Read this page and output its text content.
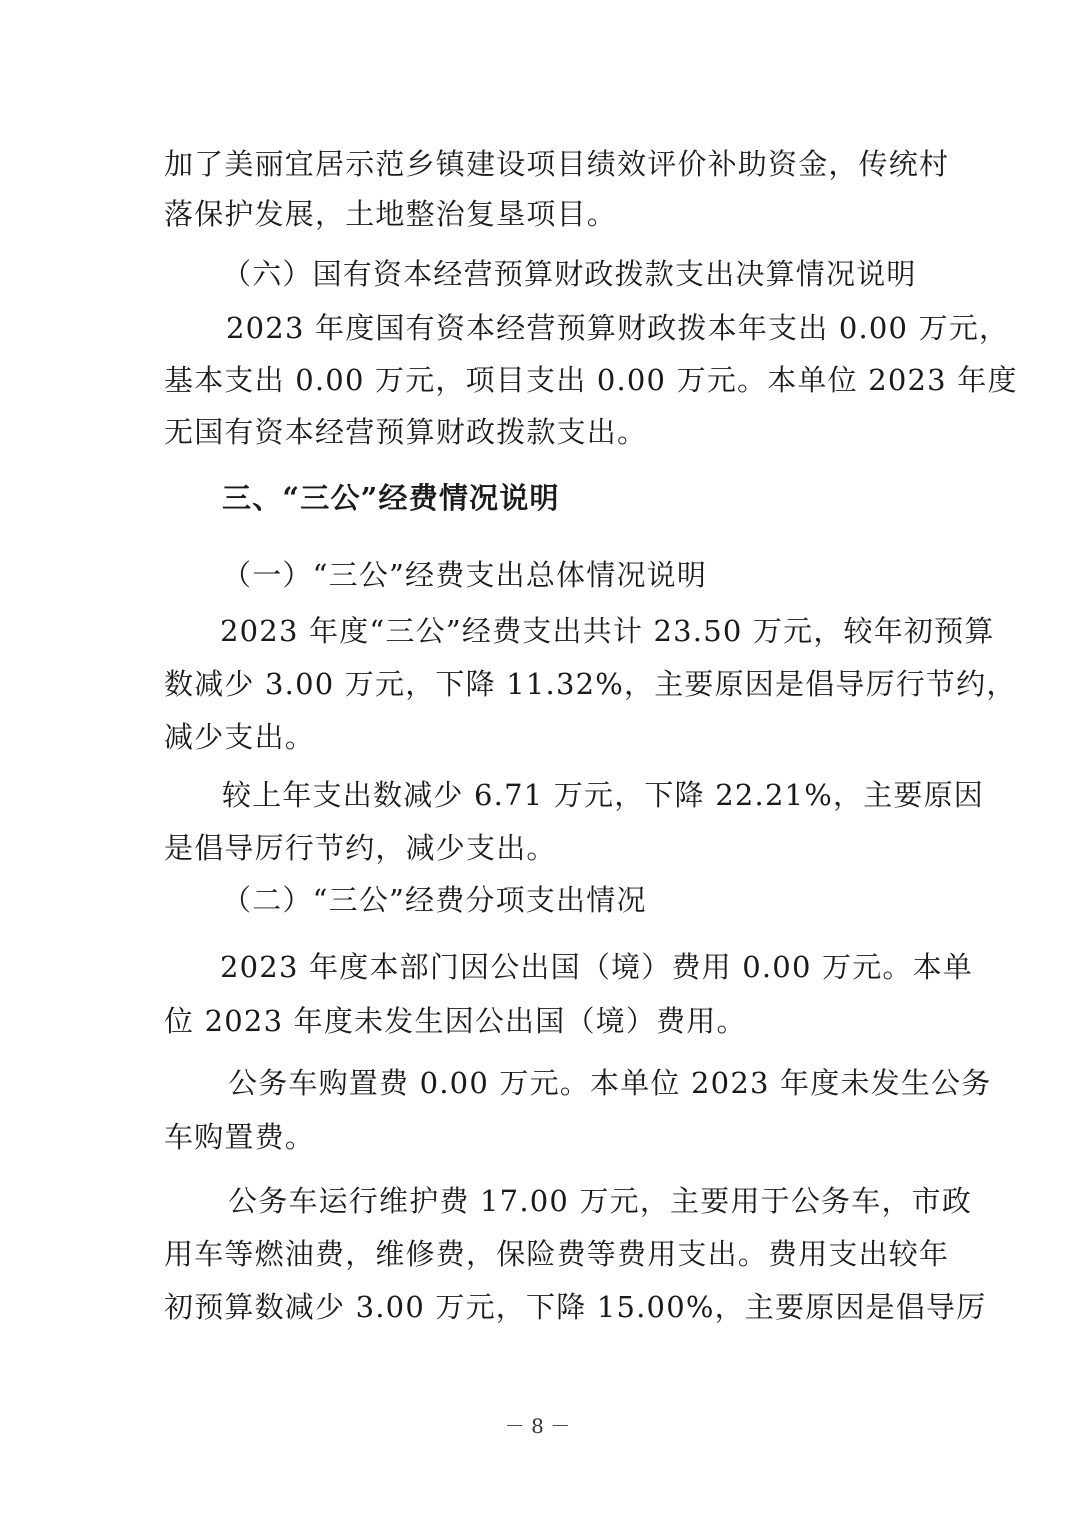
加了美丽宜居示范乡镇建设项目绩效评价补助资金，传统村
落保护发展，土地整治复垦项目。
（六）国有资本经营预算财政拨款支出决算情况说明
2023 年度国有资本经营预算财政拨本年支出 0.00 万元，
基本支出 0.00 万元，项目支出 0.00 万元。本单位 2023 年度
无国有资本经营预算财政拨款支出。
三、“三公”经费情况说明
（一）“三公”经费支出总体情况说明
2023 年度“三公”经费支出共计 23.50 万元，较年初预算
数减少 3.00 万元，下降 11.32%，主要原因是倡导厉行节约，
减少支出。
较上年支出数减少 6.71 万元，下降 22.21%，主要原因
是倡导厉行节约，减少支出。
（二）“三公”经费分项支出情况
2023 年度本部门因公出国（境）费用 0.00 万元。本单
位 2023 年度未发生因公出国（境）费用。
公务车购置费 0.00 万元。本单位 2023 年度未发生公务
车购置费。
公务车运行维护费 17.00 万元，主要用于公务车，市政
用车等燃油费，维修费，保险费等费用支出。费用支出较年
初预算数减少 3.00 万元，下降 15.00%，主要原因是倡导厉
－ 8 －
